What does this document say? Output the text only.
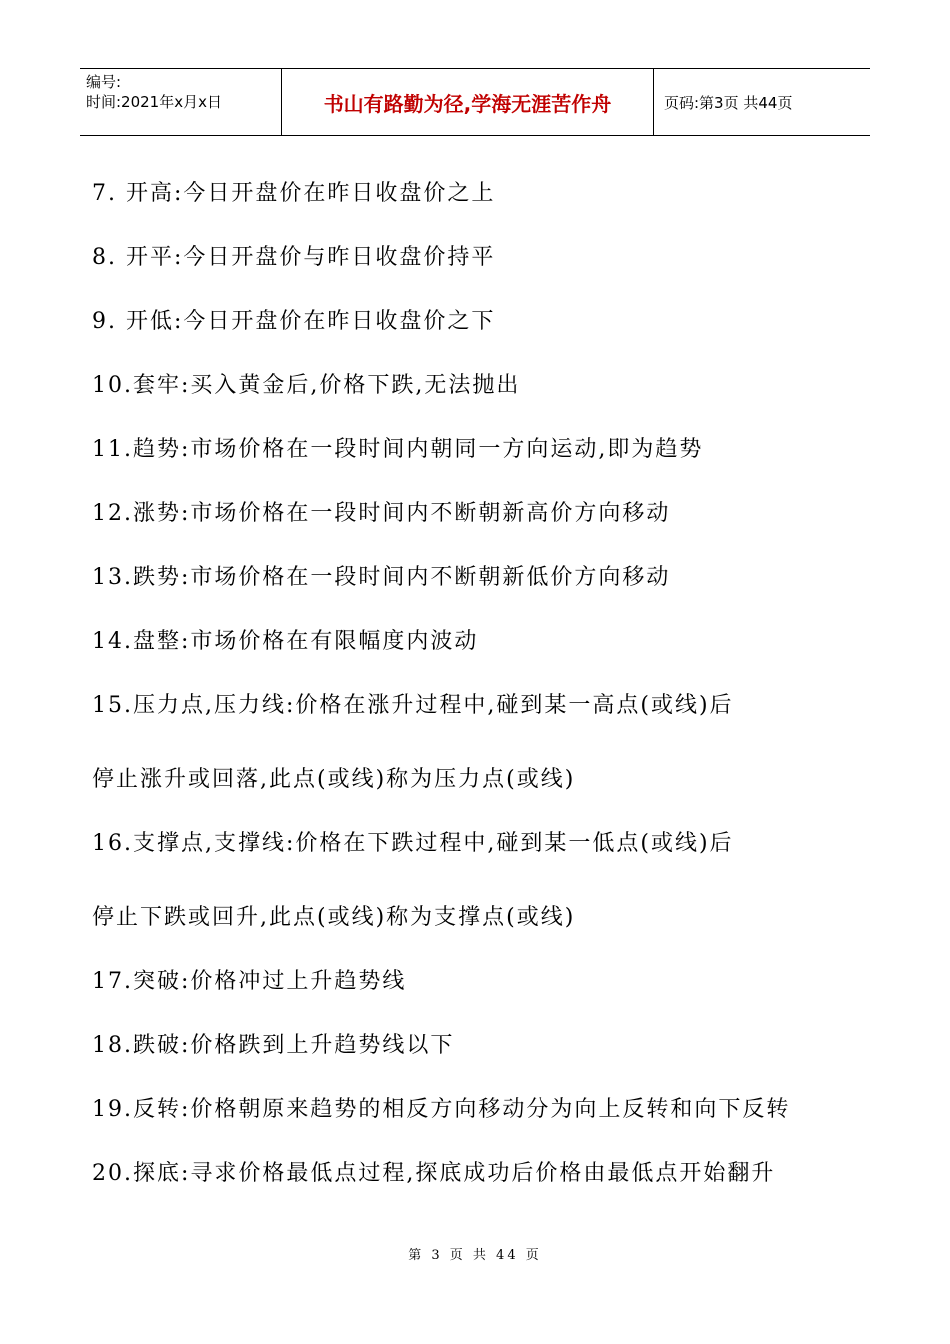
编号:
时间:2021年x月x日	书山有路勤为径,学海无涯苦作舟	页码:第3页 共44页
7. 开高:今日开盘价在昨日收盘价之上
8. 开平:今日开盘价与昨日收盘价持平
9. 开低:今日开盘价在昨日收盘价之下
10.套牢:买入黄金后,价格下跌,无法抛出
11.趋势:市场价格在一段时间内朝同一方向运动,即为趋势
12.涨势:市场价格在一段时间内不断朝新高价方向移动
13.跌势:市场价格在一段时间内不断朝新低价方向移动
14.盘整:市场价格在有限幅度内波动
15.压力点,压力线:价格在涨升过程中,碰到某一高点(或线)后
停止涨升或回落,此点(或线)称为压力点(或线)
16.支撑点,支撑线:价格在下跌过程中,碰到某一低点(或线)后
停止下跌或回升,此点(或线)称为支撑点(或线)
17.突破:价格冲过上升趋势线
18.跌破:价格跌到上升趋势线以下
19.反转:价格朝原来趋势的相反方向移动分为向上反转和向下反转
20.探底:寻求价格最低点过程,探底成功后价格由最低点开始翻升
第 3 页 共 44 页
